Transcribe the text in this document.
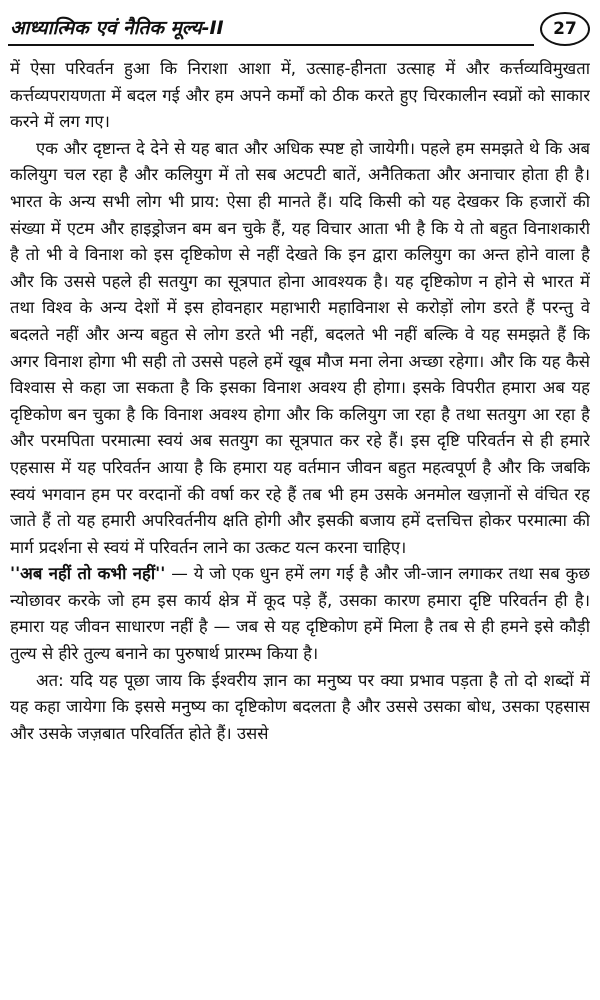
आध्यात्मिक एवं नैतिक मूल्य-II	27

में ऐसा परिवर्तन हुआ कि निराशा आशा में, उत्साह-हीनता उत्साह में और कर्त्तव्यविमुखता कर्त्तव्यपरायणता में बदल गई और हम अपने कर्मों को ठीक करते हुए चिरकालीन स्वप्नों को साकार करने में लग गए।

एक और दृष्टान्त दे देने से यह बात और अधिक स्पष्ट हो जायेगी। पहले हम समझते थे कि अब कलियुग चल रहा है और कलियुग में तो सब अटपटी बातें, अनैतिकता और अनाचार होता ही है। भारत के अन्य सभी लोग भी प्राय: ऐसा ही मानते हैं। यदि किसी को यह देखकर कि हजारों की संख्या में एटम और हाइड्रोजन बम बन चुके हैं, यह विचार आता भी है कि ये तो बहुत विनाशकारी है तो भी वे विनाश को इस दृष्टिकोण से नहीं देखते कि इन द्वारा कलियुग का अन्त होने वाला है और कि उससे पहले ही सतयुग का सूत्रपात होना आवश्यक है। यह दृष्टिकोण न होने से भारत में तथा विश्व के अन्य देशों में इस होवनहार महाभारी महाविनाश से करोड़ों लोग डरते हैं परन्तु वे बदलते नहीं और अन्य बहुत से लोग डरते भी नहीं, बदलते भी नहीं बल्कि वे यह समझते हैं कि अगर विनाश होगा भी सही तो उससे पहले हमें खूब मौज मना लेना अच्छा रहेगा। और कि यह कैसे विश्वास से कहा जा सकता है कि इसका विनाश अवश्य ही होगा। इसके विपरीत हमारा अब यह दृष्टिकोण बन चुका है कि विनाश अवश्य होगा और कि कलियुग जा रहा है तथा सतयुग आ रहा है और परमपिता परमात्मा स्वयं अब सतयुग का सूत्रपात कर रहे हैं। इस दृष्टि परिवर्तन से ही हमारे एहसास में यह परिवर्तन आया है कि हमारा यह वर्तमान जीवन बहुत महत्वपूर्ण है और कि जबकि स्वयं भगवान हम पर वरदानों की वर्षा कर रहे हैं तब भी हम उसके अनमोल खज़ानों से वंचित रह जाते हैं तो यह हमारी अपरिवर्तनीय क्षति होगी और इसकी बजाय हमें दत्तचित्त होकर परमात्मा की मार्ग प्रदर्शना से स्वयं में परिवर्तन लाने का उत्कट यत्न करना चाहिए।

''अब नहीं तो कभी नहीं'' — ये जो एक धुन हमें लग गई है और जी-जान लगाकर तथा सब कुछ न्योछावर करके जो हम इस कार्य क्षेत्र में कूद पड़े हैं, उसका कारण हमारा दृष्टि परिवर्तन ही है। हमारा यह जीवन साधारण नहीं है — जब से यह दृष्टिकोण हमें मिला है तब से ही हमने इसे कौड़ी तुल्य से हीरे तुल्य बनाने का पुरुषार्थ प्रारम्भ किया है।

अत: यदि यह पूछा जाय कि ईश्वरीय ज्ञान का मनुष्य पर क्या प्रभाव पड़ता है तो दो शब्दों में यह कहा जायेगा कि इससे मनुष्य का दृष्टिकोण बदलता है और उससे उसका बोध, उसका एहसास और उसके जज़बात परिवर्तित होते हैं। उससे
